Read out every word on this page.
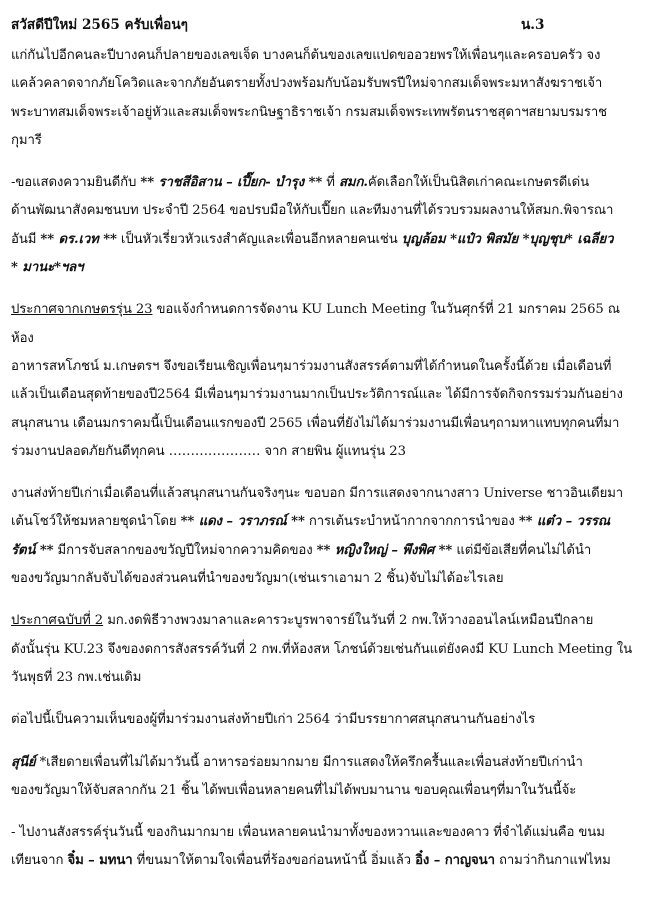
สวัสดีปีใหม่ 2565 ครับเพื่อนๆ	น.3

แก่กันไปอีกคนละปีบางคนก็ปลายของเลขเจ็ด บางคนก็ต้นของเลขแปดขออวยพรให้เพื่อนๆและครอบครัว จง

แคล้วคลาดจากภัยโควิดและจากภัยอันตรายทั้งปวงพร้อมกับน้อมรับพรปีใหม่จากสมเด็จพระมหาสังฆราชเจ้า

พระบาทสมเด็จพระเจ้าอยู่หัวและสมเด็จพระกนิษฐาธิราชเจ้า กรมสมเด็จพระเทพรัตนราชสุดาฯสยามบรมราช

กุมารี

-ขอแสดงความยินดีกับ ** ราชสีอิสาน – เปี๊ยก- บำรุง ** ที่ สมก.คัดเลือกให้เป็นนิสิตเก่าคณะเกษตรดีเด่น

ด้านพัฒนาสังคมชนบท ประจำปี 2564 ขอปรบมือให้กับเปี๊ยก และทีมงานที่ได้รวบรวมผลงานให้สมก.พิจารณา

อันมี ** ดร.เวท ** เป็นหัวเรี่ยวหัวแรงสำคัญและเพื่อนอีกหลายคนเช่น บุญล้อม *แป๋ว พิสมัย *บุญชุบ* เฉลียว

* มานะ*ฯลฯ

ประกาศจากเกษตรรุ่น 23 ขอแจ้งกำหนดการจัดงาน KU Lunch Meeting ในวันศุกร์ที่ 21 มกราคม 2565 ณ ห้อง

อาหารสหโภชน์ ม.เกษตรฯ จึงขอเรียนเชิญเพื่อนๆมาร่วมงานสังสรรค์ตามที่ได้กำหนดในครั้งนี้ด้วย เมื่อเดือนที่

แล้วเป็นเดือนสุดท้ายของปี2564 มีเพื่อนๆมาร่วมงานมากเป็นประวัติการณ์และ ได้มีการจัดกิจกรรมร่วมกันอย่าง

สนุกสนาน เดือนมกราคมนี้เป็นเดือนแรกของปี 2565 เพื่อนที่ยังไม่ได้มาร่วมงานมีเพื่อนๆถามหาแทบทุกคนที่มา

ร่วมงานปลอดภัยกันดีทุกคน ………………… จาก สายพิน ผู้แทนรุ่น 23

งานส่งท้ายปีเก่าเมื่อเดือนที่แล้วสนุกสนานกันจริงๆนะ ขอบอก มีการแสดงจากนางสาว Universe ชาวอินเดียมา

เต้นโชว์ให้ชมหลายชุดนำโดย ** แดง – วราภรณ์ ** การเต้นระบำหน้ากากจากการนำของ ** แต๋ว – วรรณ

รัตน์ ** มีการจับสลากของขวัญปีใหม่จากความคิดของ ** หญิงใหญ่ – พึงพิศ ** แต่มีข้อเสียที่คนไม่ได้นำ

ของขวัญมากลับจับได้ของส่วนคนที่นำของขวัญมา(เช่นเราเอามา 2 ชิ้น)จับไม่ได้อะไรเลย

ประกาศฉบับที่ 2 มก.งดพิธีวางพวงมาลาและคารวะบูรพาจารย์ในวันที่ 2 กพ.ให้วางออนไลน์เหมือนปีกลาย

ดังนั้นรุ่น KU.23 จึงของดการสังสรรค์วันที่ 2 กพ.ที่ห้องสห โภชน์ด้วยเช่นกันแต่ยังคงมี KU Lunch Meeting ใน

วันพุธที่ 23 กพ.เช่นเดิม

ต่อไปนี้เป็นความเห็นของผู้ที่มาร่วมงานส่งท้ายปีเก่า 2564 ว่ามีบรรยากาศสนุกสนานกันอย่างไร

สุนีย์ *เสียดายเพื่อนที่ไม่ได้มาวันนี้ อาหารอร่อยมากมาย มีการแสดงให้ครึกครื้นและเพื่อนส่งท้ายปีเก่านำ

ของขวัญมาให้จับสลากกัน 21 ชิ้น ได้พบเพื่อนหลายคนที่ไม่ได้พบมานาน ขอบคุณเพื่อนๆที่มาในวันนี้จ้ะ

- ไปงานสังสรรค์รุ่นวันนี้ ของกินมากมาย เพื่อนหลายคนนำมาทั้งของหวานและของคาว ที่จำได้แม่นคือ ขนม

เทียนจาก จิ๋ม – มทนา ที่ขนมาให้ตามใจเพื่อนที่ร้องขอก่อนหน้านี้ อิ่มแล้ว อิ๋ง – กาญจนา ถามว่ากินกาแฟไหม
